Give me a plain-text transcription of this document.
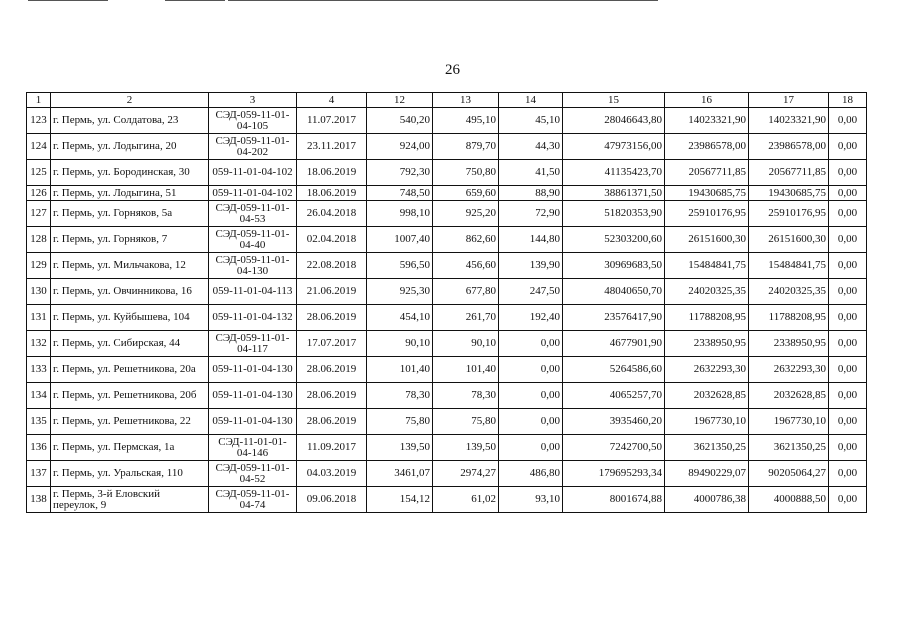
26
1	2	3	4	12	13	14	15	16	17	18
123	г. Пермь, ул. Солдатова, 23	СЭД-059-11-01-04-105	11.07.2017	540,20	495,10	45,10	28046643,80	14023321,90	14023321,90	0,00
124	г. Пермь, ул. Лодыгина, 20	СЭД-059-11-01-04-202	23.11.2017	924,00	879,70	44,30	47973156,00	23986578,00	23986578,00	0,00
125	г. Пермь, ул. Бородинская, 30	059-11-01-04-102	18.06.2019	792,30	750,80	41,50	41135423,70	20567711,85	20567711,85	0,00
126	г. Пермь, ул. Лодыгина, 51	059-11-01-04-102	18.06.2019	748,50	659,60	88,90	38861371,50	19430685,75	19430685,75	0,00
127	г. Пермь, ул. Горняков, 5а	СЭД-059-11-01-04-53	26.04.2018	998,10	925,20	72,90	51820353,90	25910176,95	25910176,95	0,00
128	г. Пермь, ул. Горняков, 7	СЭД-059-11-01-04-40	02.04.2018	1007,40	862,60	144,80	52303200,60	26151600,30	26151600,30	0,00
129	г. Пермь, ул. Мильчакова, 12	СЭД-059-11-01-04-130	22.08.2018	596,50	456,60	139,90	30969683,50	15484841,75	15484841,75	0,00
130	г. Пермь, ул. Овчинникова, 16	059-11-01-04-113	21.06.2019	925,30	677,80	247,50	48040650,70	24020325,35	24020325,35	0,00
131	г. Пермь, ул. Куйбышева, 104	059-11-01-04-132	28.06.2019	454,10	261,70	192,40	23576417,90	11788208,95	11788208,95	0,00
132	г. Пермь, ул. Сибирская, 44	СЭД-059-11-01-04-117	17.07.2017	90,10	90,10	0,00	4677901,90	2338950,95	2338950,95	0,00
133	г. Пермь, ул. Решетникова, 20а	059-11-01-04-130	28.06.2019	101,40	101,40	0,00	5264586,60	2632293,30	2632293,30	0,00
134	г. Пермь, ул. Решетникова, 20б	059-11-01-04-130	28.06.2019	78,30	78,30	0,00	4065257,70	2032628,85	2032628,85	0,00
135	г. Пермь, ул. Решетникова, 22	059-11-01-04-130	28.06.2019	75,80	75,80	0,00	3935460,20	1967730,10	1967730,10	0,00
136	г. Пермь, ул. Пермская, 1а	СЭД-11-01-01-04-146	11.09.2017	139,50	139,50	0,00	7242700,50	3621350,25	3621350,25	0,00
137	г. Пермь, ул. Уральская, 110	СЭД-059-11-01-04-52	04.03.2019	3461,07	2974,27	486,80	179695293,34	89490229,07	90205064,27	0,00
138	г. Пермь, 3-й Еловский переулок, 9	СЭД-059-11-01-04-74	09.06.2018	154,12	61,02	93,10	8001674,88	4000786,38	4000888,50	0,00
